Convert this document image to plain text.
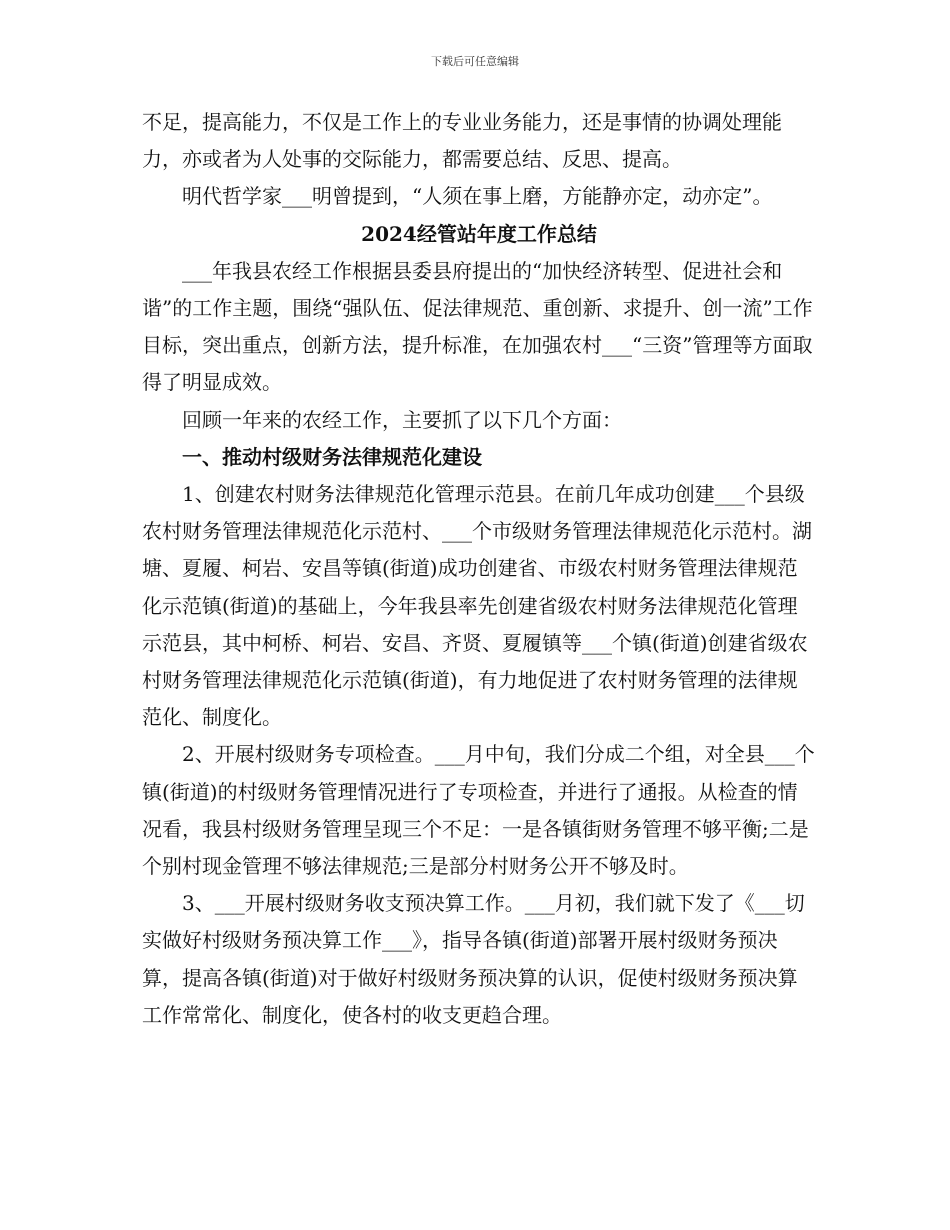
下载后可任意编辑

不足，提高能力，不仅是工作上的专业业务能力，还是事情的协调处理能力，亦或者为人处事的交际能力，都需要总结、反思、提高。

明代哲学家___明曾提到，“人须在事上磨，方能静亦定，动亦定”。

2024经管站年度工作总结

___年我县农经工作根据县委县府提出的“加快经济转型、促进社会和谐”的工作主题，围绕“强队伍、促法律规范、重创新、求提升、创一流”工作目标，突出重点，创新方法，提升标准，在加强农村___“三资”管理等方面取得了明显成效。

回顾一年来的农经工作，主要抓了以下几个方面：

一、推动村级财务法律规范化建设

1、创建农村财务法律规范化管理示范县。在前几年成功创建___个县级农村财务管理法律规范化示范村、___个市级财务管理法律规范化示范村。湖塘、夏履、柯岩、安昌等镇(街道)成功创建省、市级农村财务管理法律规范化示范镇(街道)的基础上，今年我县率先创建省级农村财务法律规范化管理示范县，其中柯桥、柯岩、安昌、齐贤、夏履镇等___个镇(街道)创建省级农村财务管理法律规范化示范镇(街道)，有力地促进了农村财务管理的法律规范化、制度化。

2、开展村级财务专项检查。___月中旬，我们分成二个组，对全县___个镇(街道)的村级财务管理情况进行了专项检查，并进行了通报。从检查的情况看，我县村级财务管理呈现三个不足：一是各镇街财务管理不够平衡;二是个别村现金管理不够法律规范;三是部分村财务公开不够及时。

3、___开展村级财务收支预决算工作。___月初，我们就下发了《___切实做好村级财务预决算工作___》，指导各镇(街道)部署开展村级财务预决算，提高各镇(街道)对于做好村级财务预决算的认识，促使村级财务预决算工作常常化、制度化，使各村的收支更趋合理。
